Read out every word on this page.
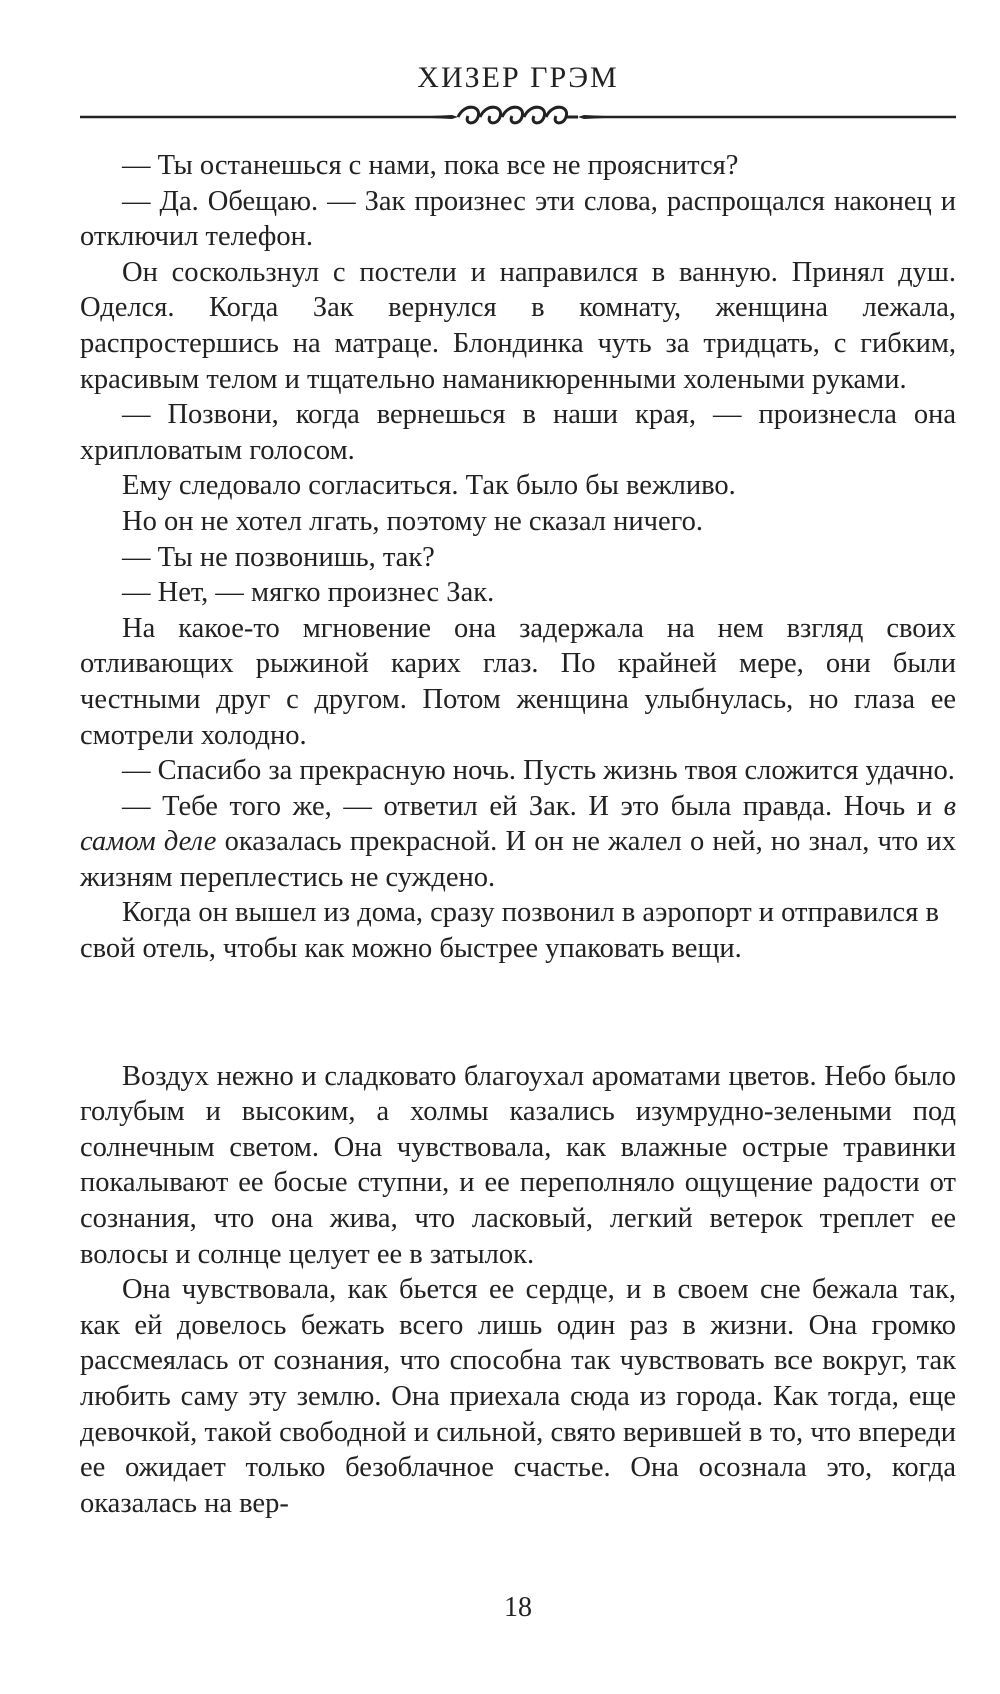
ХИЗЕР ГРЭМ

— Ты останешься с нами, пока все не прояснится?

— Да. Обещаю. — Зак произнес эти слова, распрощался наконец и отключил телефон.

Он соскользнул с постели и направился в ванную. Принял душ. Оделся. Когда Зак вернулся в комнату, женщина лежала, распростершись на матраце. Блондинка чуть за тридцать, с гибким, красивым телом и тщательно наманикюренными холеными руками.

— Позвони, когда вернешься в наши края, — произнесла она хрипловатым голосом.

Ему следовало согласиться. Так было бы вежливо.

Но он не хотел лгать, поэтому не сказал ничего.

— Ты не позвонишь, так?

— Нет, — мягко произнес Зак.

На какое-то мгновение она задержала на нем взгляд своих отливающих рыжиной карих глаз. По крайней мере, они были честными друг с другом. Потом женщина улыбнулась, но глаза ее смотрели холодно.

— Спасибо за прекрасную ночь. Пусть жизнь твоя сложится удачно.

— Тебе того же, — ответил ей Зак. И это была правда. Ночь и в самом деле оказалась прекрасной. И он не жалел о ней, но знал, что их жизням переплестись не суждено.

Когда он вышел из дома, сразу позвонил в аэропорт и отправился в свой отель, чтобы как можно быстрее упаковать вещи.

Воздух нежно и сладковато благоухал ароматами цветов. Небо было голубым и высоким, а холмы казались изумрудно-зелеными под солнечным светом. Она чувствовала, как влажные острые травинки покалывают ее босые ступни, и ее переполняло ощущение радости от сознания, что она жива, что ласковый, легкий ветерок треплет ее волосы и солнце целует ее в затылок.

Она чувствовала, как бьется ее сердце, и в своем сне бежала так, как ей довелось бежать всего лишь один раз в жизни. Она громко рассмеялась от сознания, что способна так чувствовать все вокруг, так любить саму эту землю. Она приехала сюда из города. Как тогда, еще девочкой, такой свободной и сильной, свято верившей в то, что впереди ее ожидает только безоблачное счастье. Она осознала это, когда оказалась на вер-

18
